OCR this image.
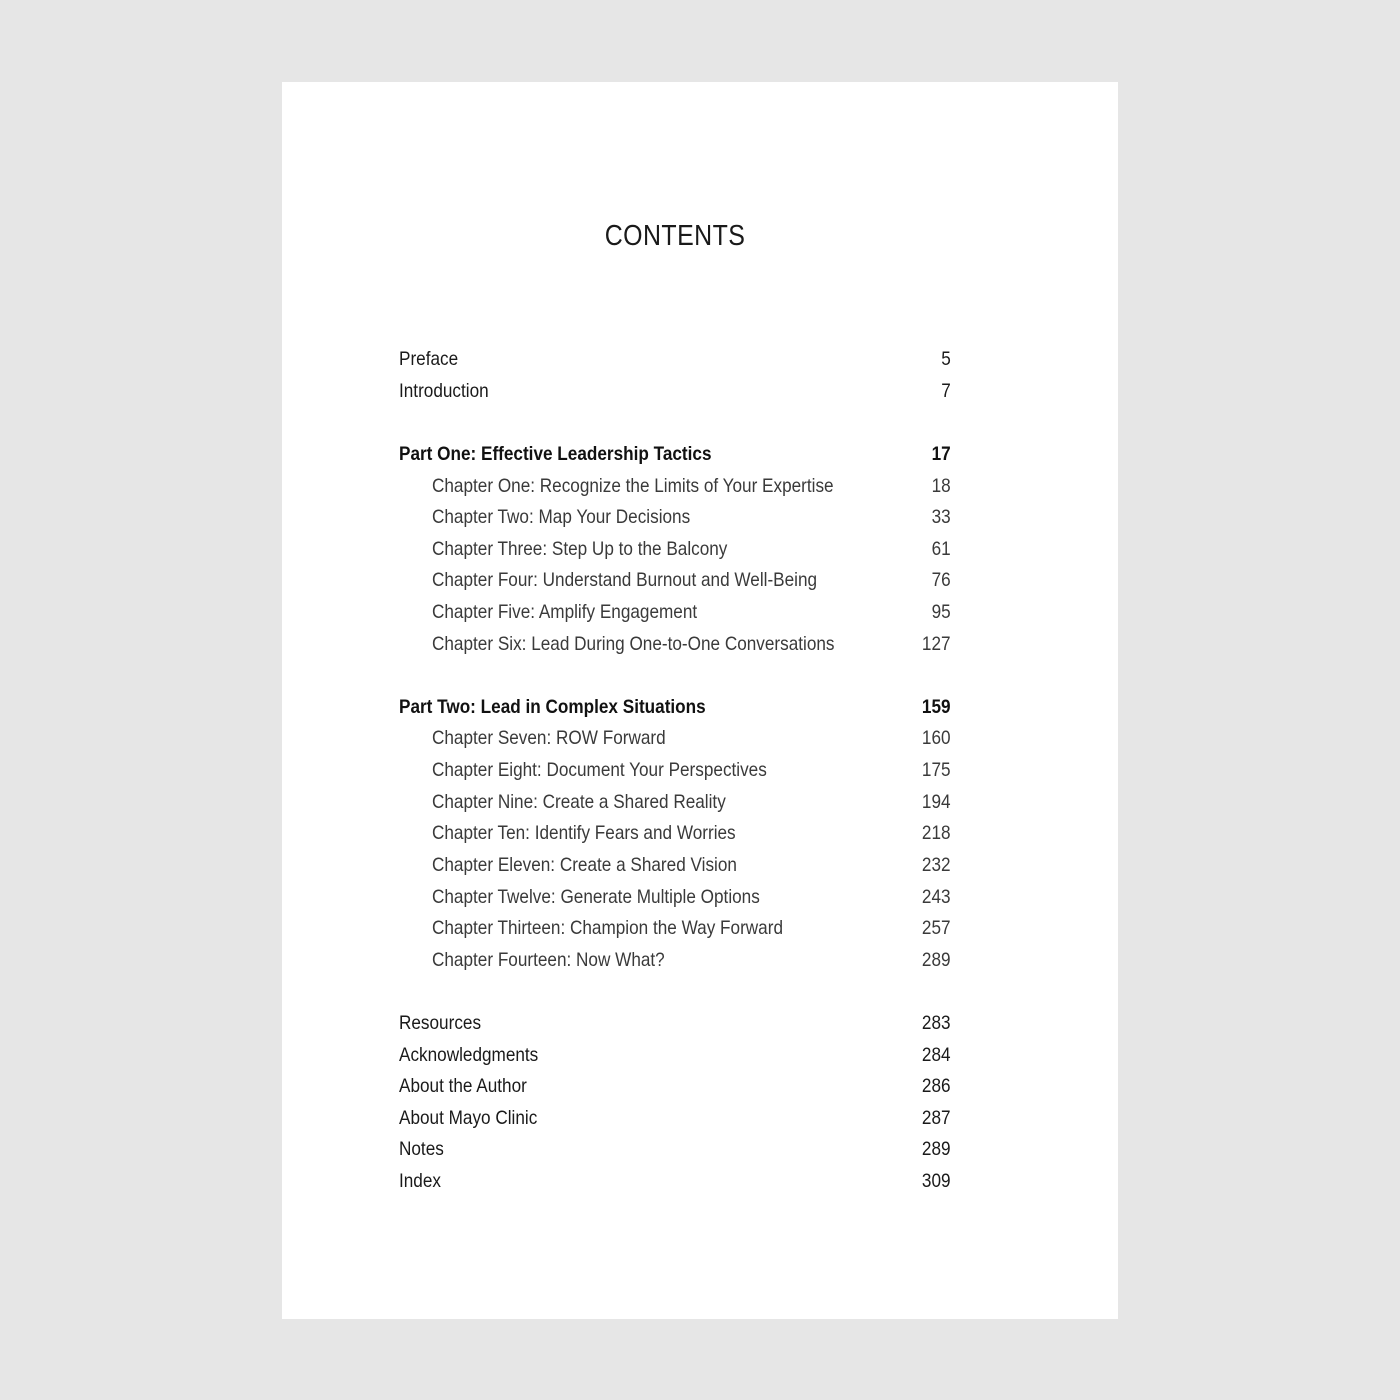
CONTENTS
Preface	5
Introduction	7
Part One: Effective Leadership Tactics	17
Chapter One: Recognize the Limits of Your Expertise	18
Chapter Two: Map Your Decisions	33
Chapter Three: Step Up to the Balcony	61
Chapter Four: Understand Burnout and Well-Being	76
Chapter Five: Amplify Engagement	95
Chapter Six: Lead During One-to-One Conversations	127
Part Two: Lead in Complex Situations	159
Chapter Seven: ROW Forward	160
Chapter Eight: Document Your Perspectives	175
Chapter Nine: Create a Shared Reality	194
Chapter Ten: Identify Fears and Worries	218
Chapter Eleven: Create a Shared Vision	232
Chapter Twelve: Generate Multiple Options	243
Chapter Thirteen: Champion the Way Forward	257
Chapter Fourteen: Now What?	289
Resources	283
Acknowledgments	284
About the Author	286
About Mayo Clinic	287
Notes	289
Index	309
